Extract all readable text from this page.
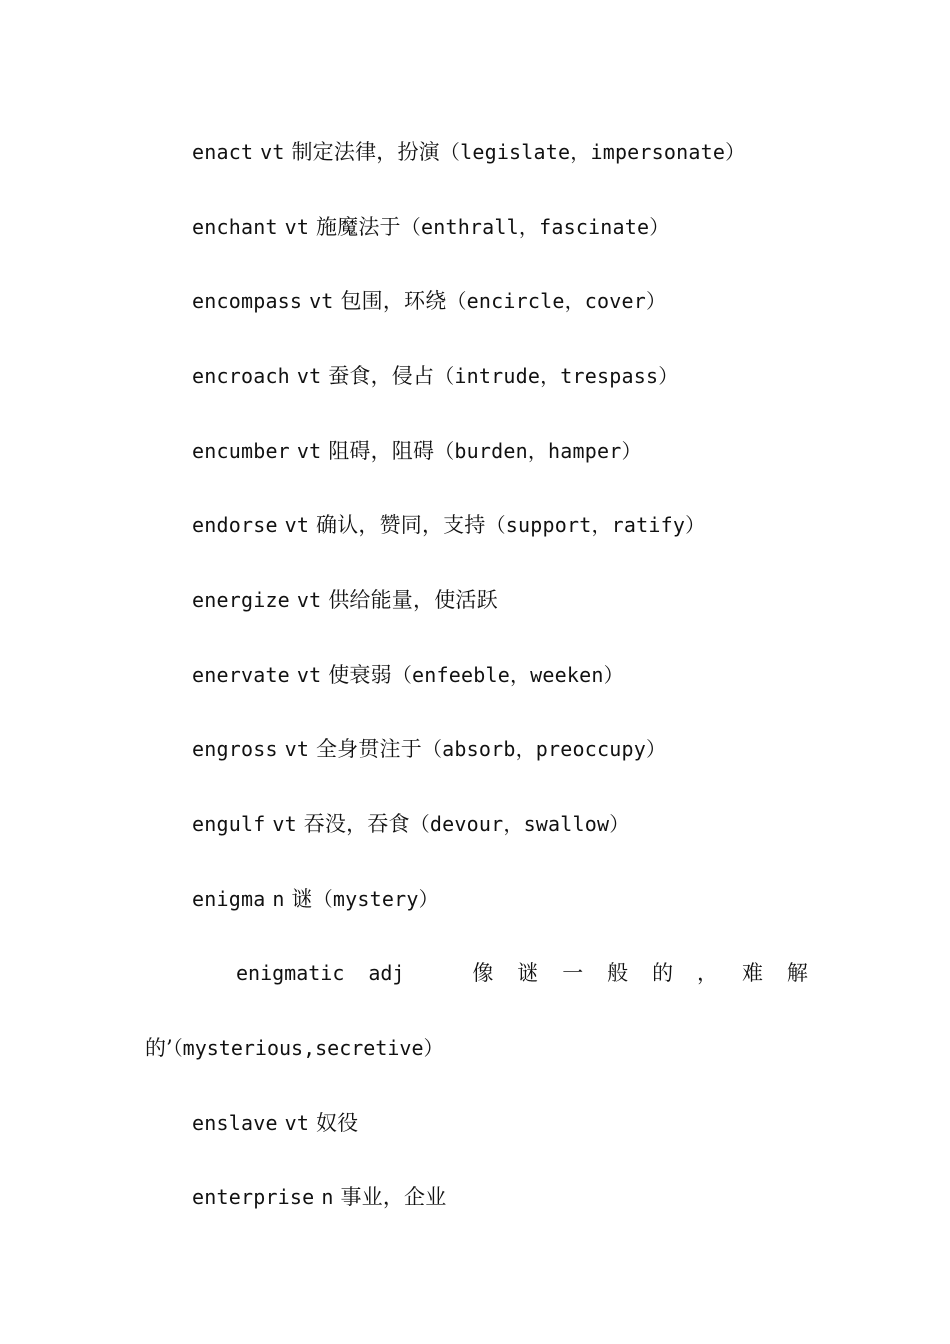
enact vt 制定法律，扮演（legislate，impersonate）
enchant vt 施魔法于（enthrall，fascinate）
encompass vt 包围，环绕（encircle，cover）
encroach vt 蚕食，侵占（intrude，trespass）
encumber vt 阻碍，阻碍（burden，hamper）
endorse vt 确认，赞同，支持（support，ratify）
energize vt 供给能量，使活跃
enervate vt 使衰弱（enfeeble，weeken）
engross vt 全身贯注于（absorb，preoccupy）
engulf vt 吞没，吞食（devour，swallow）
enigma n 谜（mystery）
enigmatic adj	像 谜 一 般 的 ， 难 解
的’（mysterious,secretive）
enslave vt 奴役
enterprise n 事业，企业
